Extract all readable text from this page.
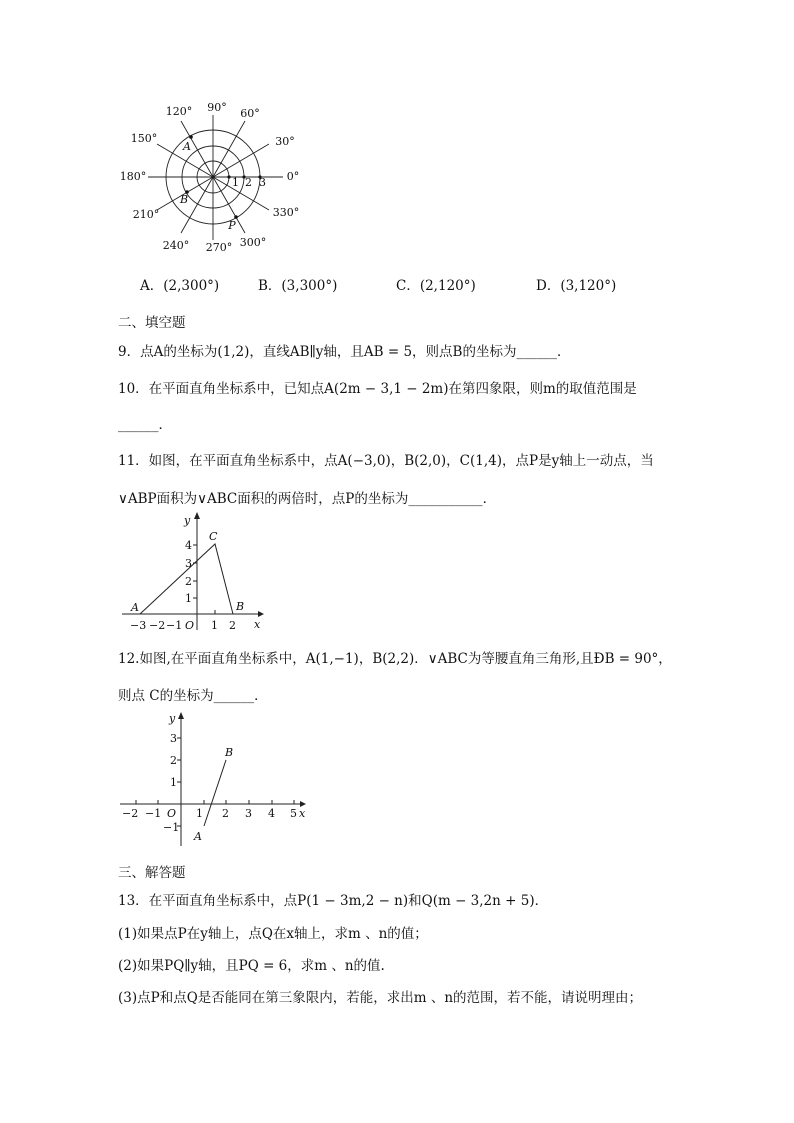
90° 60°
120°
30°
150°
0°
180°
330°
210°
300°
240° 270°
A
B
P
1 2 3
A．(2,300°)	B．(3,300°)	C．(2,120°)	D．(3,120°)
二、填空题
9．点A的坐标为(1,2)，直线AB∥y轴，且AB = 5，则点B的坐标为______．
10．在平面直角坐标系中，已知点A(2m − 3,1 − 2m)在第四象限，则m的取值范围是
______．
11．如图，在平面直角坐标系中，点A(−3,0)，B(2,0)，C(1,4)，点P是y轴上一动点，当
∨ABP面积为∨ABC面积的两倍时，点P的坐标为___________．
y
x
1
2
3
4
−3 −2 −1 O 1 2
A	B
C
12.如图,在平面直角坐标系中，A(1,−1)，B(2,2)．∨ABC为等腰直角三角形,且ÐB = 90°，
则点 C的坐标为______．
y
x
3
2
1
−1
−2 −1 O 1 2 3 4 5
A
B
三、解答题
13．在平面直角坐标系中，点P(1 − 3m,2 − n)和Q(m − 3,2n + 5)．
(1)如果点P在y轴上，点Q在x轴上，求m 、n的值；
(2)如果PQ∥y轴，且PQ = 6，求m 、n的值.
(3)点P和点Q是否能同在第三象限内，若能，求出m 、n的范围，若不能，请说明理由；
